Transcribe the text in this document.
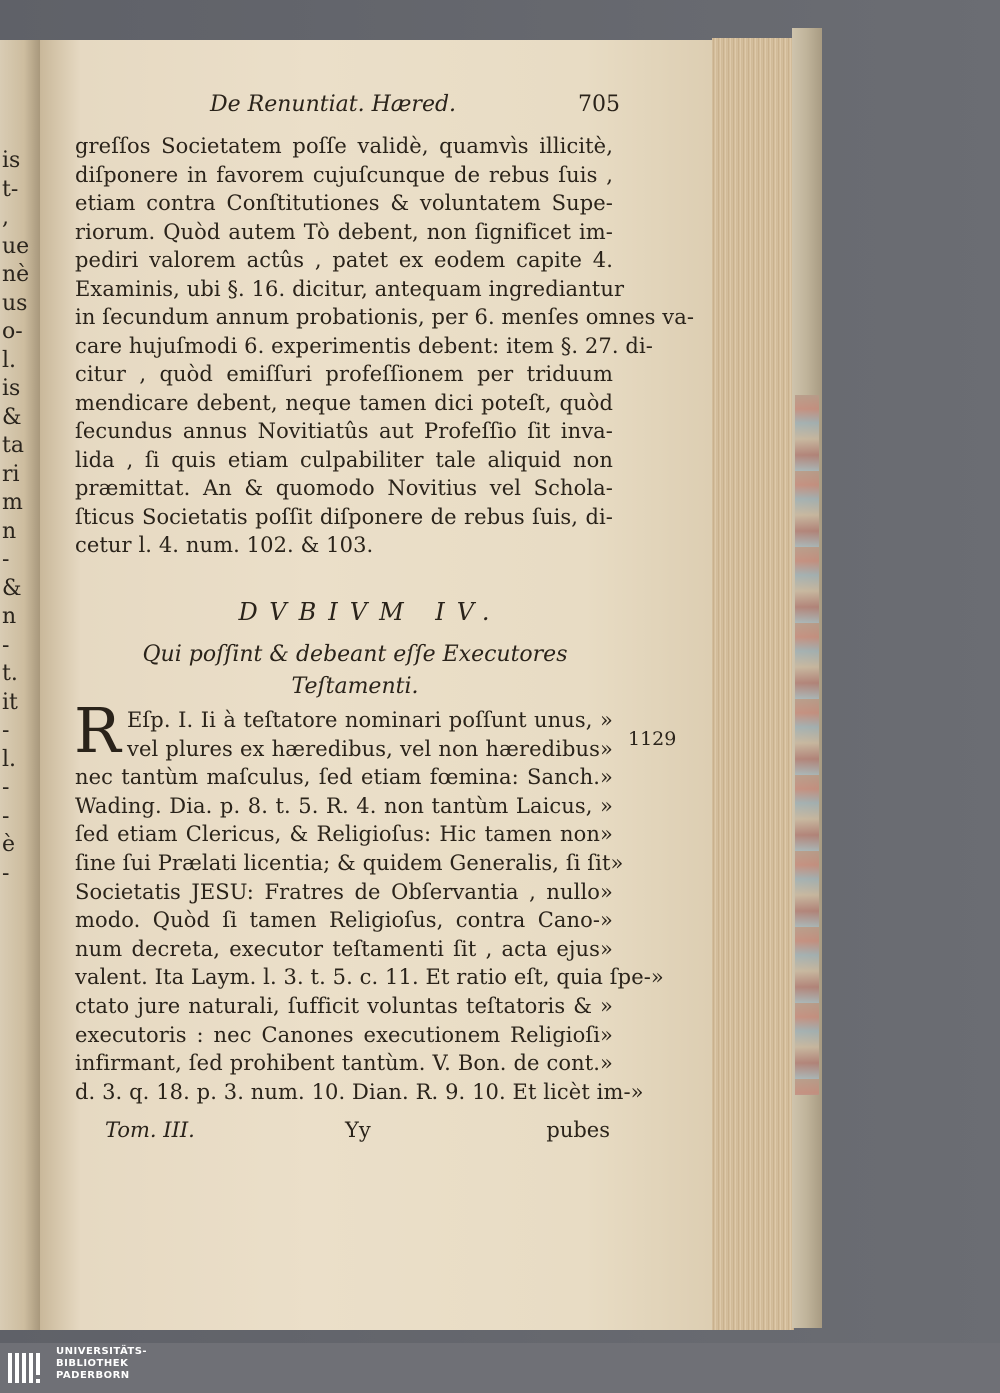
is
t-
,
ue
nè
us
o-
l.
is
&
ta
ri
m
n
-
&
n
-
t.
it
-
l.
-
-
è
-
De Renuntiat. Hæred.	705

greſſos Societatem poſſe validè, quamvìs illicitè,

diſponere in favorem cujuſcunque de rebus ſuis ,

etiam contra Conſtitutiones & voluntatem Supe-

riorum. Quòd autem Tò debent, non ſignificet im-

pediri valorem actûs , patet ex eodem capite 4.

Examinis, ubi §. 16. dicitur, antequam ingrediantur

in ſecundum annum probationis, per 6. menſes omnes va-

care hujuſmodi 6. experimentis debent: item §. 27. di-

citur , quòd emiſſuri profeſſionem per triduum

mendicare debent, neque tamen dici poteſt, quòd

ſecundus annus Novitiatûs aut Profeſſio ſit inva-

lida , ſi quis etiam culpabiliter tale aliquid non

præmittat. An & quomodo Novitius vel Schola-

ſticus Societatis poſſit diſponere de rebus ſuis, di-

cetur l. 4. num. 102. & 103.

DVBIVM IV.
Qui poſſint & debeant eſſe Executores
Teſtamenti.
R Eſp. I. Ii à teſtatore nominari poſſunt unus, »

vel plures ex hæredibus, vel non hæredibus»

nec tantùm maſculus, ſed etiam fœmina: Sanch.»

Wading. Dia. p. 8. t. 5. R. 4. non tantùm Laicus, »

ſed etiam Clericus, & Religioſus: Hic tamen non»

ſine ſui Prælati licentia; & quidem Generalis, ſi ſit»

Societatis JESU: Fratres de Obſervantia , nullo»

modo. Quòd ſi tamen Religioſus, contra Cano-»

num decreta, executor teſtamenti ſit , acta ejus»

valent. Ita Laym. l. 3. t. 5. c. 11. Et ratio eſt, quia ſpe-»

ctato jure naturali, ſufficit voluntas teſtatoris & »

executoris : nec Canones executionem Religioſi»

infirmant, ſed prohibent tantùm. V. Bon. de cont.»

d. 3. q. 18. p. 3. num. 10. Dian. R. 9. 10. Et licèt im-»

1129
Tom. III.	Yy	pubes
UNIVERSITÄTS-
BIBLIOTHEK
PADERBORN
